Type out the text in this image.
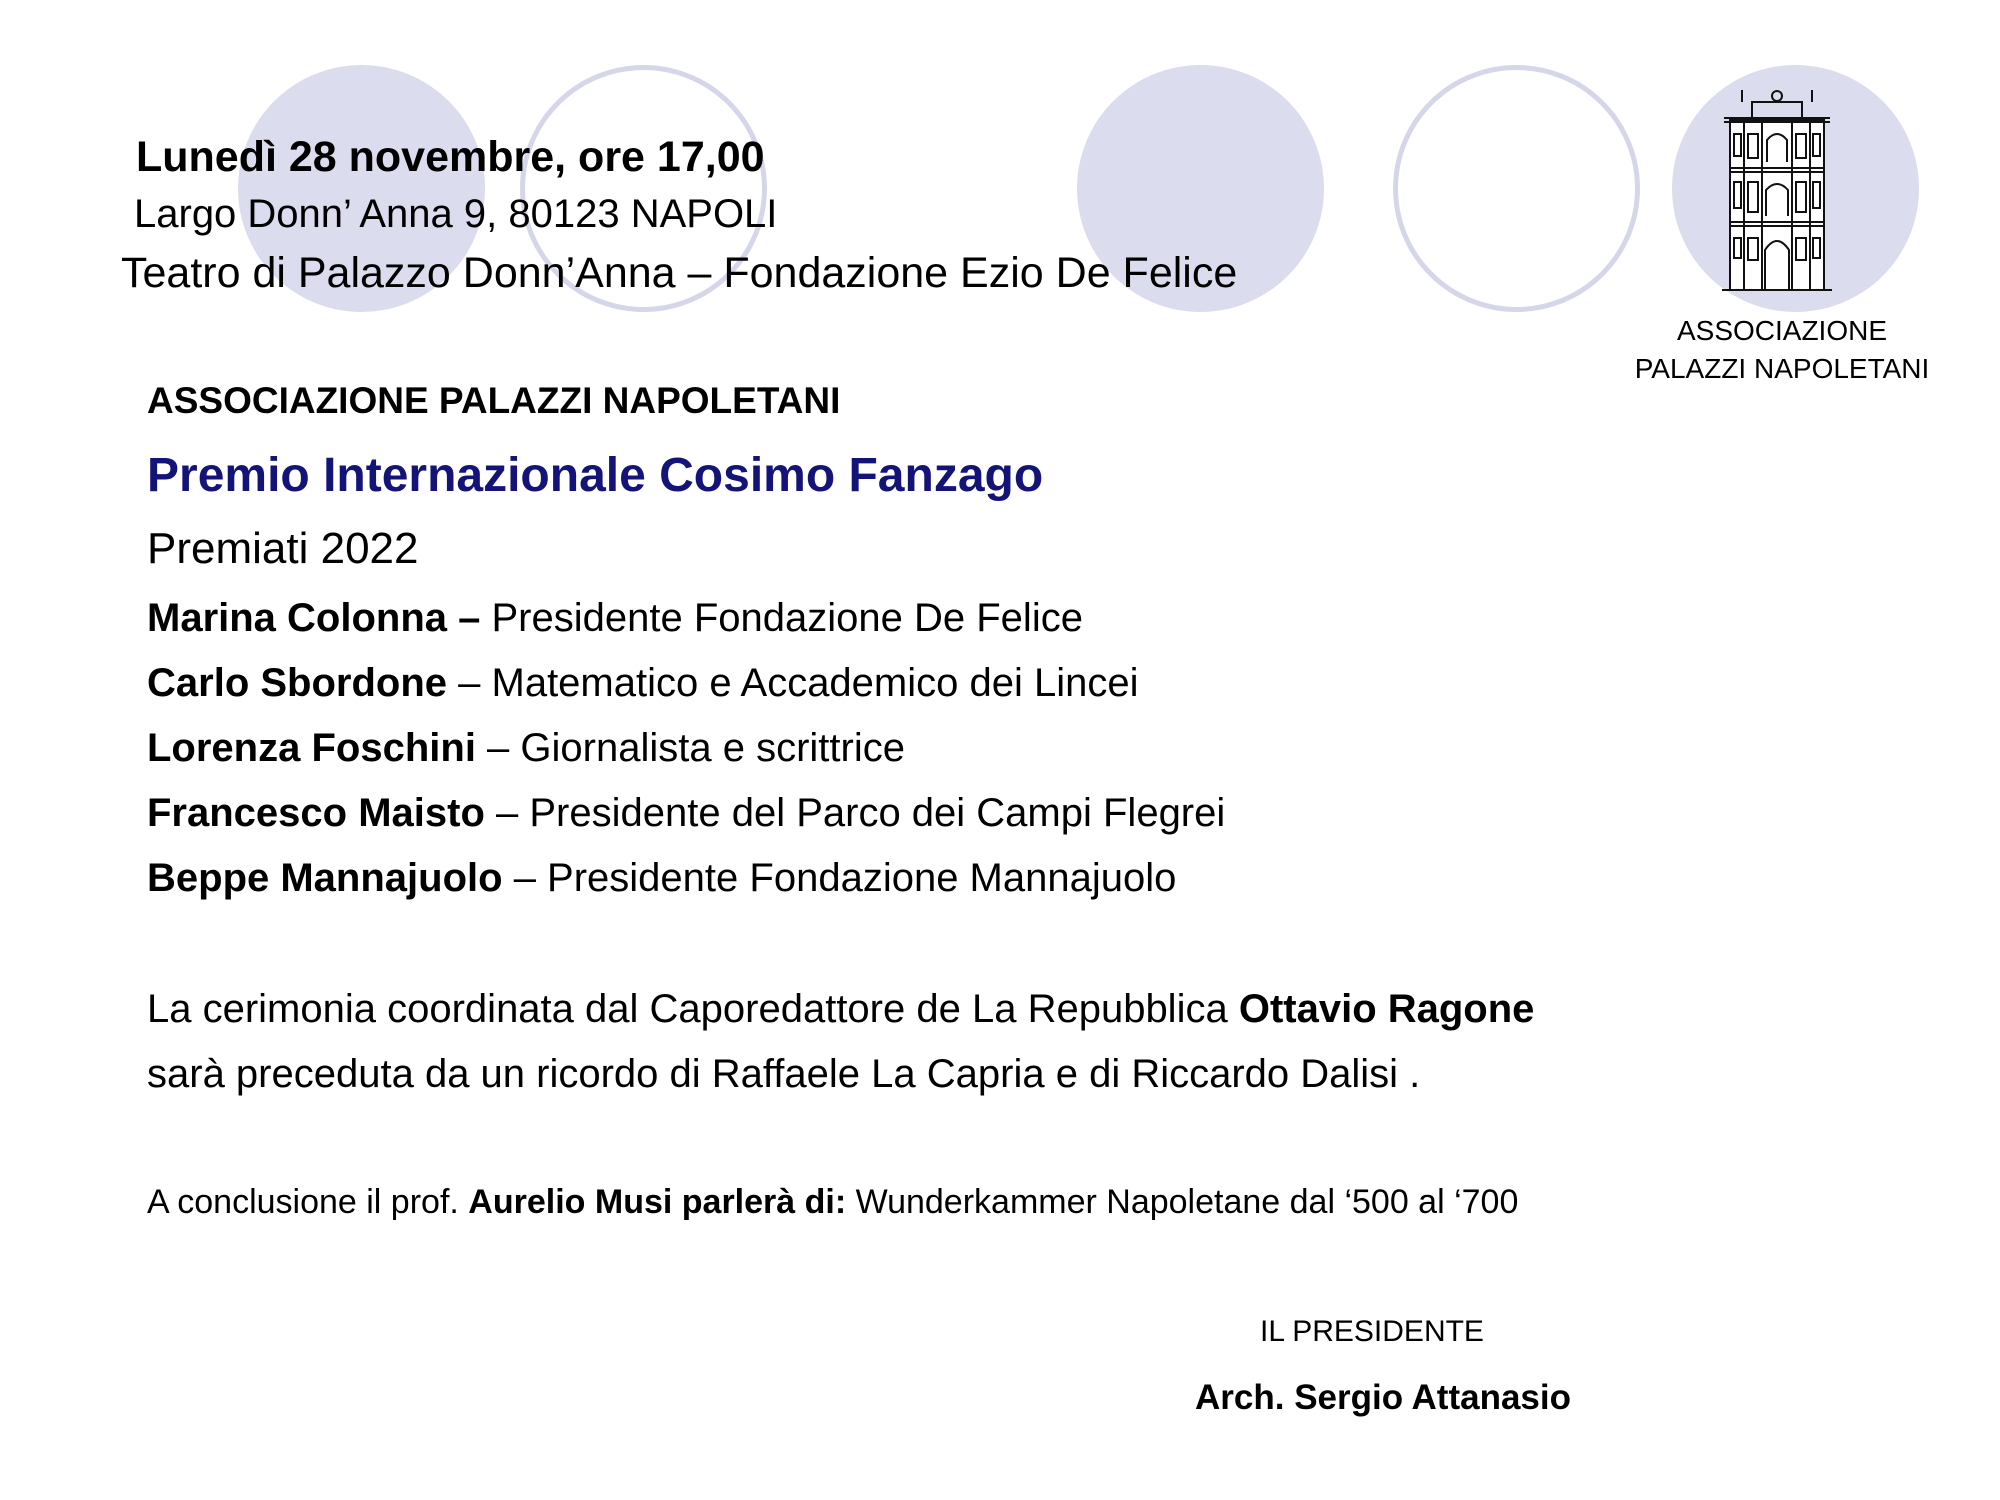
Lunedì 28 novembre, ore 17,00
Largo Donn’ Anna 9, 80123 NAPOLI
Teatro di Palazzo Donn’Anna – Fondazione Ezio De Felice
ASSOCIAZIONE
PALAZZI NAPOLETANI
ASSOCIAZIONE PALAZZI NAPOLETANI
Premio Internazionale Cosimo Fanzago
Premiati 2022
Marina Colonna – Presidente Fondazione De Felice
Carlo Sbordone – Matematico e Accademico dei Lincei
Lorenza Foschini – Giornalista e scrittrice
Francesco Maisto – Presidente del Parco dei Campi Flegrei
Beppe Mannajuolo – Presidente Fondazione Mannajuolo
La cerimonia coordinata dal Caporedattore de La Repubblica Ottavio Ragone
sarà preceduta da un ricordo di Raffaele La Capria e di Riccardo Dalisi .
A conclusione il prof. Aurelio Musi parlerà di: Wunderkammer Napoletane dal ‘500 al ‘700
IL PRESIDENTE
Arch. Sergio Attanasio
